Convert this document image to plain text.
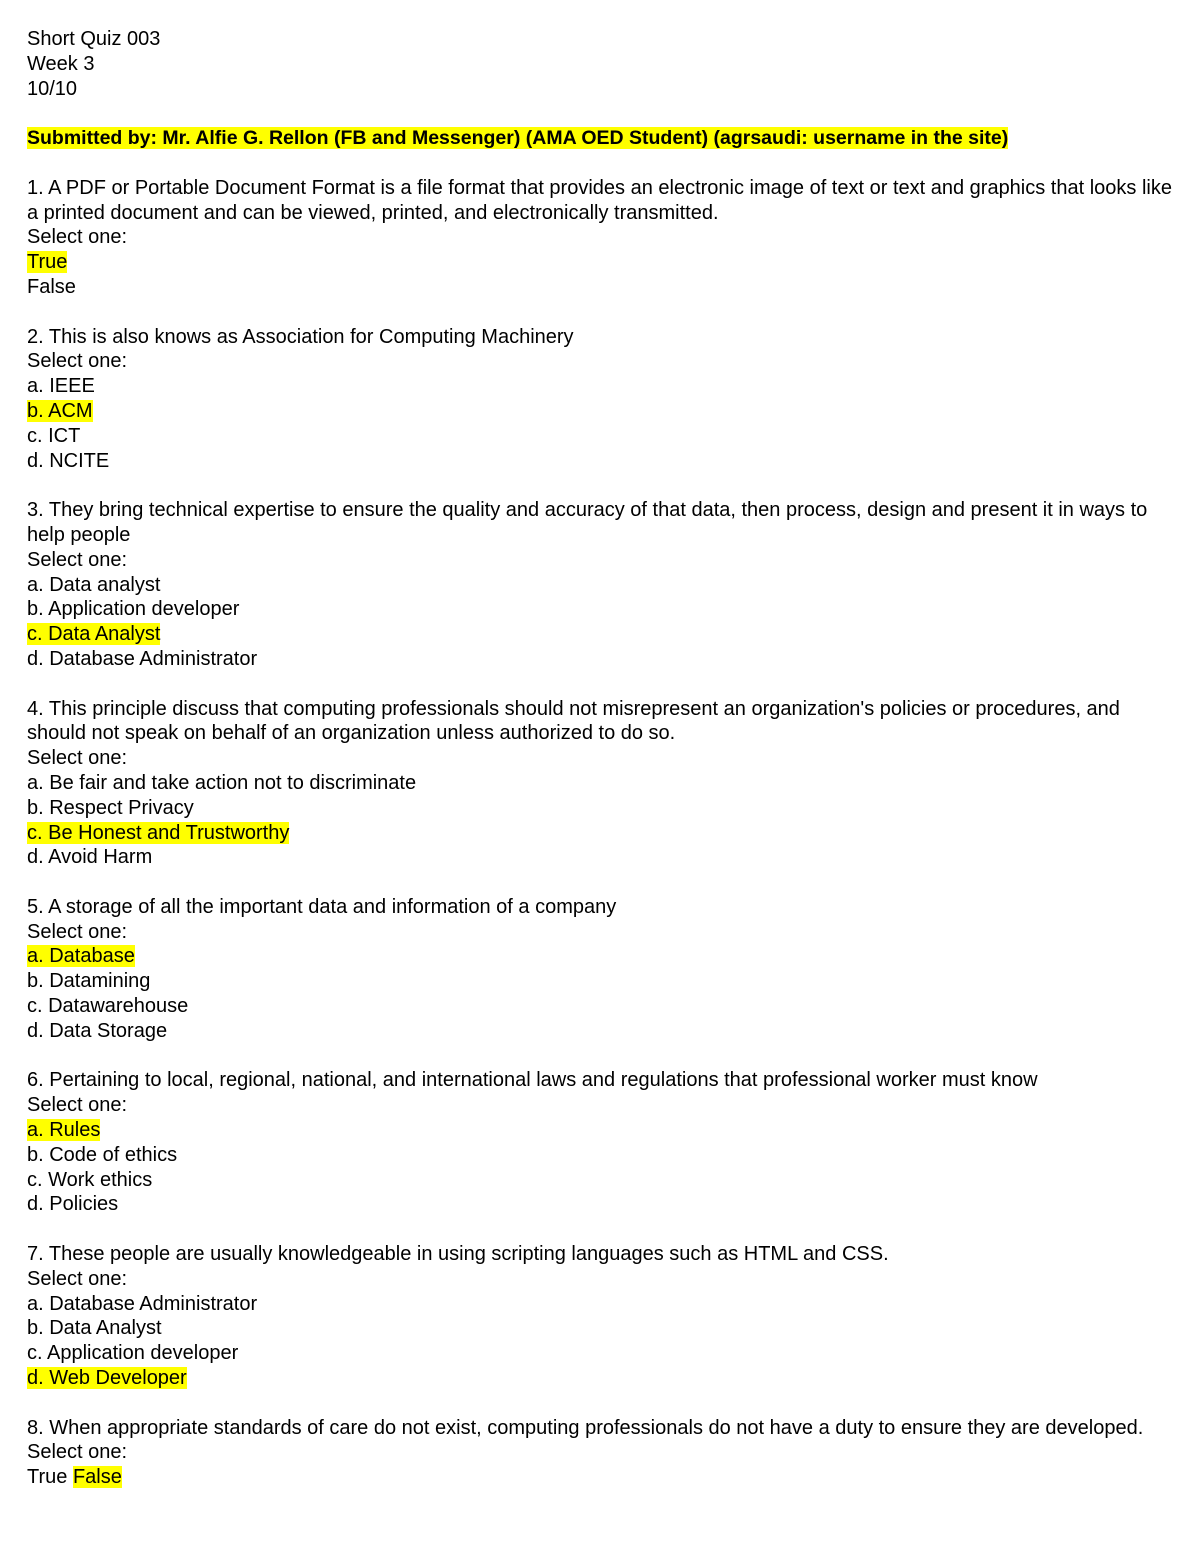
Short Quiz 003
Week 3
10/10
Submitted by: Mr. Alfie G. Rellon (FB and Messenger) (AMA OED Student) (agrsaudi: username in the site)
1. A PDF or Portable Document Format is a file format that provides an electronic image of text or text and graphics that looks like a printed document and can be viewed, printed, and electronically transmitted.
Select one:
True
False
2. This is also knows as Association for Computing Machinery
Select one:
a. IEEE
b. ACM
c. ICT
d. NCITE
3. They bring technical expertise to ensure the quality and accuracy of that data, then process, design and present it in ways to help people
Select one:
a. Data analyst
b. Application developer
c. Data Analyst
d. Database Administrator
4. This principle discuss that computing professionals should not misrepresent an organization's policies or procedures, and should not speak on behalf of an organization unless authorized to do so.
Select one:
a. Be fair and take action not to discriminate
b. Respect Privacy
c. Be Honest and Trustworthy
d. Avoid Harm
5. A storage of all the important data and information of a company
Select one:
a. Database
b. Datamining
c. Datawarehouse
d. Data Storage
6. Pertaining to local, regional, national, and international laws and regulations that professional worker must know
Select one:
a. Rules
b. Code of ethics
c. Work ethics
d. Policies
7. These people are usually knowledgeable in using scripting languages such as HTML and CSS.
Select one:
a. Database Administrator
b. Data Analyst
c. Application developer
d. Web Developer
8. When appropriate standards of care do not exist, computing professionals do not have a duty to ensure they are developed.
Select one:
True False
